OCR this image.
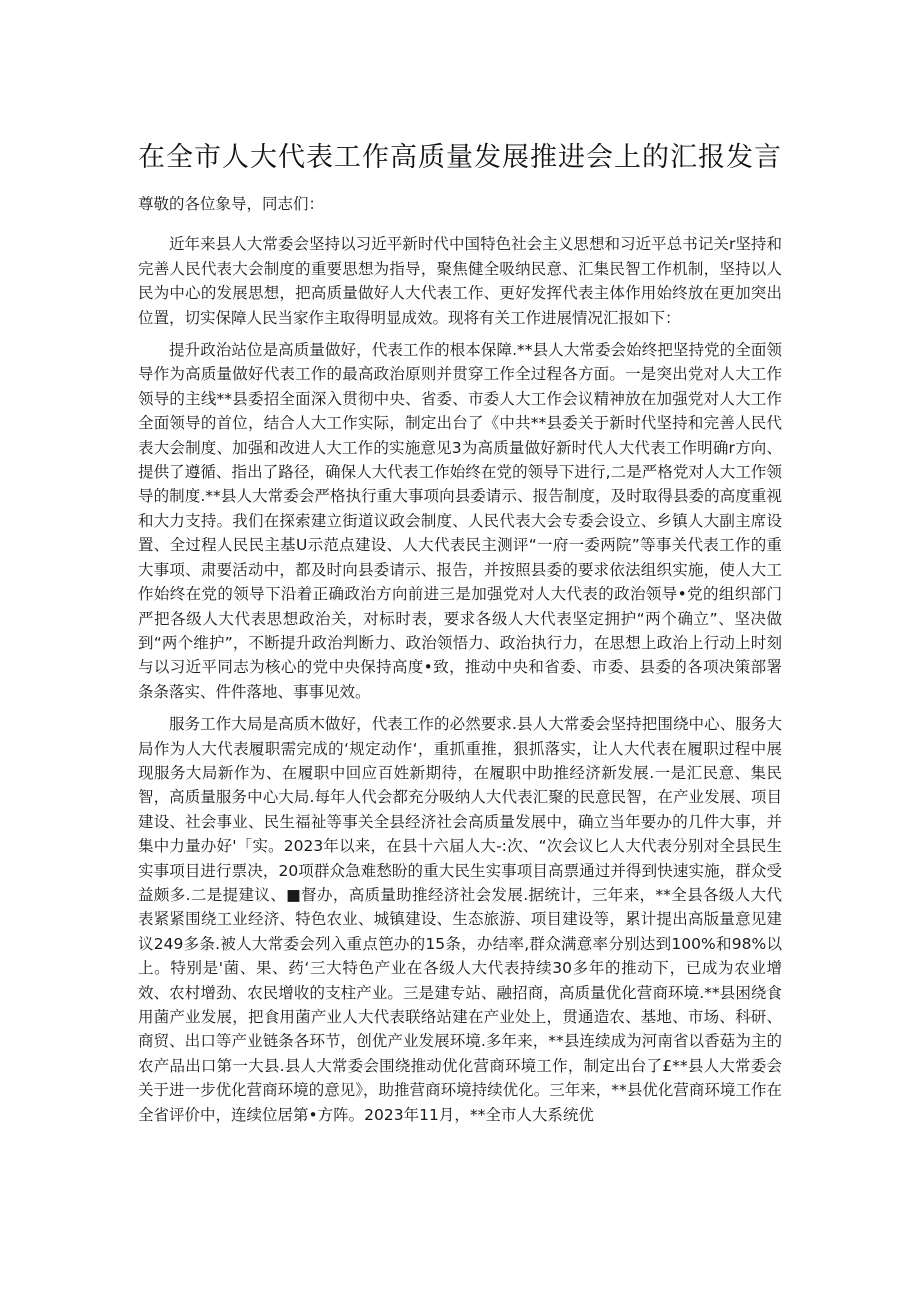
在全市人大代表工作高质量发展推进会上的汇报发言

尊敬的各位象导，同志们：

近年来县人大常委会坚持以习近平新时代中国特色社会主义思想和习近平总书记关r坚持和完善人民代表大会制度的重要思想为指导，聚焦健全吸纳民意、汇集民智工作机制，坚持以人民为中心的发展思想，把高质量做好人大代表工作、更好发挥代表主体作用始终放在更加突出位置，切实保障人民当家作主取得明显成效。现将有关工作进展情况汇报如下：

提升政治站位是高质量做好，代表工作的根本保障.**县人大常委会始终把坚持党的全面领导作为高质量做好代表工作的最高政治原则并贯穿工作全过程各方面。一是突出党对人大工作领导的主线**县委招全面深入贯彻中央、省委、市委人大工作会议精神放在加强党对人大工作全面领导的首位，结合人大工作实际，制定出台了《中共**县委关于新时代坚持和完善人民代表大会制度、加强和改进人大工作的实施意见3为高质量做好新时代人大代表工作明确r方向、提供了遵循、指出了路径，确保人大代表工作始终在党的领导下进行,二是严格党对人大工作领导的制度.**县人大常委会严格执行重大事项向县委请示、报告制度，及时取得县委的高度重视和大力支持。我们在探索建立街道议政会制度、人民代表大会专委会设立、乡镇人大副主席设置、全过程人民民主基U示范点建设、人大代表民主测评“一府一委两院”等事关代表工作的重大事项、肃要活动中，都及时向县委请示、报告，并按照县委的要求依法组织实施，使人大工作始终在党的领导下沿着正确政治方向前进三是加强党对人大代表的政治领导•党的组织部门严把各级人大代表思想政治关，对标时表，要求各级人大代表坚定拥护“两个确立”、坚决做到“两个维护”，不断提升政治判断力、政治领悟力、政治执行力，在思想上政治上行动上时刻与以习近平同志为核心的党中央保持高度•致，推动中央和省委、市委、县委的各项决策部署条条落实、件件落地、事事见效。

服务工作大局是高质木做好，代表工作的必然要求.县人大常委会坚持把围绕中心、服务大局作为人大代表履职需完成的‘规定动作‘，重抓重推，狠抓落实，让人大代表在履职过程中展现服务大局新作为、在履职中回应百姓新期待，在履职中助推经济新发展.一是汇民意、集民智，高质量服务中心大局.每年人代会都充分吸纳人大代表汇聚的民意民智，在产业发展、项目建设、社会事业、民生福祉等事关全县经济社会高质量发展中，确立当年要办的几件大事，并集中力量办好'「实。2023年以来，在县十六届人大-:次、“次会议匕人大代表分别对全县民生实事项目进行票决，20项群众急难愁盼的重大民生实事项目高票通过并得到快速实施，群众受益颇多.二是提建议、■督办，高质量助推经济社会发展.据统计，三年来，**全县各级人大代表紧紧围绕工业经济、特色农业、城镇建设、生态旅游、项目建设等，累计提出高版量意见建议249多条.被人大常委会列入重点笆办的15条，办结率,群众满意率分别达到100%和98%以上。特别是'菌、果、药‘三大特色产业在各级人大代表持续30多年的推动下，已成为农业增效、农村增劲、农民增收的支柱产业。三是建专站、融招商，高质量优化营商环境.**县困绕食用菌产业发展，把食用菌产业人大代表联络站建在产业处上，贯通造农、基地、市场、科研、商贸、出口等产业链条各环节，创优产业发展环境.多年来，**县连续成为河南省以香菇为主的农产品出口第一大县.县人大常委会围绕推动优化营商环境工作，制定出台了£**县人大常委会关于进一步优化营商环境的意见》，助推营商环境持续优化。三年来，**县优化营商环境工作在全省评价中，连续位居第•方阵。2023年11月，**全市人大系统优
